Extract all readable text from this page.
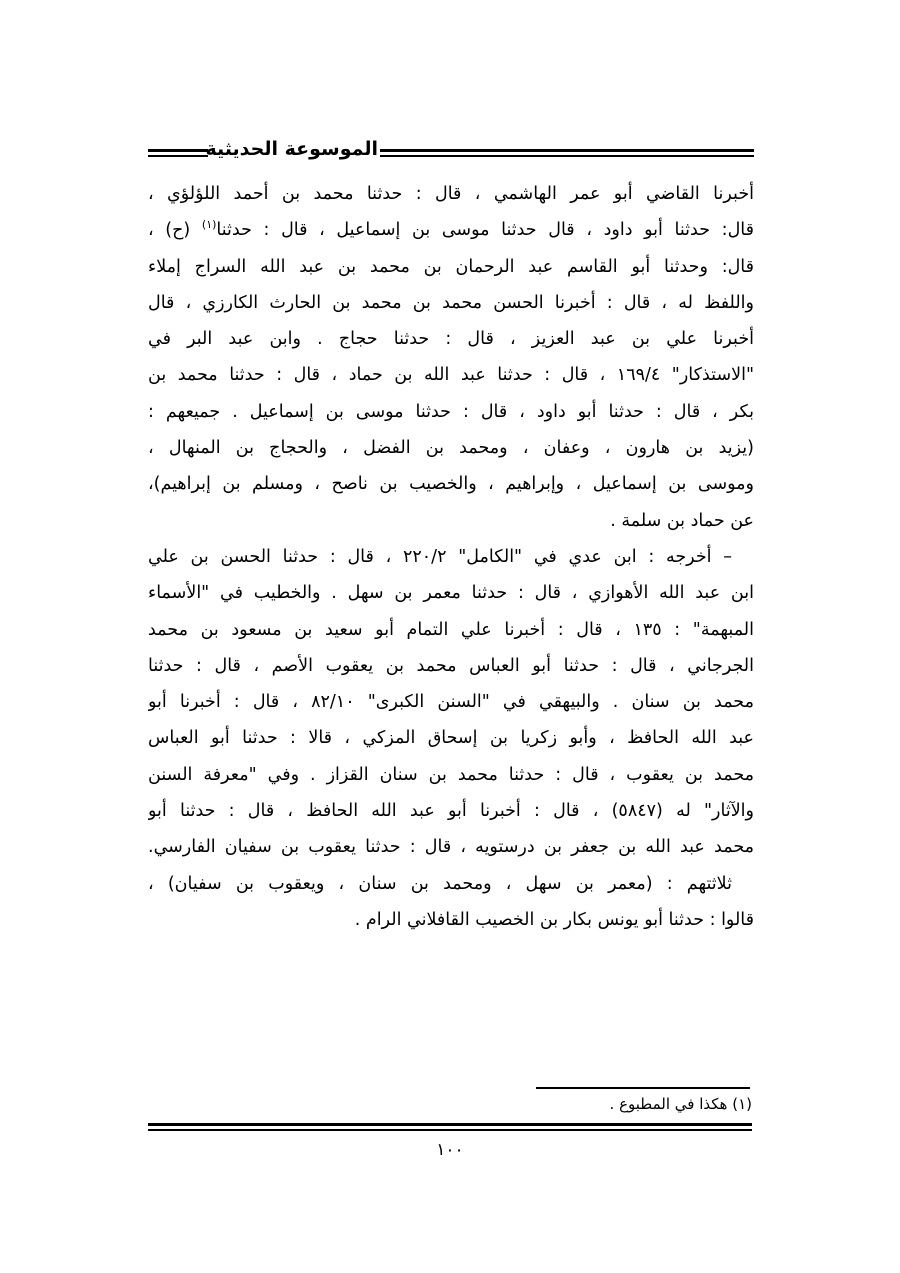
الموسوعة الحديثية
أخبرنا القاضي أبو عمر الهاشمي ، قال : حدثنا محمد بن أحمد اللؤلؤي ،
قال: حدثنا أبو داود ، قال حدثنا موسى بن إسماعيل ، قال : حدثنا$^{(١)}$ (ح) ،
قال: وحدثنا أبو القاسم عبد الرحمان بن محمد بن عبد الله السراج إملاء
واللفظ له ، قال : أخبرنا الحسن محمد بن محمد بن الحارث الكارزي ، قال
أخبرنا علي بن عبد العزيز ، قال : حدثنا حجاج . وابن عبد البر في
"الاستذكار" ١٦٩/٤ ، قال : حدثنا عبد الله بن حماد ، قال : حدثنا محمد بن
بكر ، قال : حدثنا أبو داود ، قال : حدثنا موسى بن إسماعيل . جميعهم :
(يزيد بن هارون ، وعفان ، ومحمد بن الفضل ، والحجاج بن المنهال ،
وموسى بن إسماعيل ، وإبراهيم ، والخصيب بن ناصح ، ومسلم بن إبراهيم)،
عن حماد بن سلمة .
– أخرجه : ابن عدي في "الكامل" ٢٢٠/٢ ، قال : حدثنا الحسن بن علي
ابن عبد الله الأهوازي ، قال : حدثنا معمر بن سهل . والخطيب في "الأسماء
المبهمة" : ١٣٥ ، قال : أخبرنا علي التمام أبو سعيد بن مسعود بن محمد
الجرجاني ، قال : حدثنا أبو العباس محمد بن يعقوب الأصم ، قال : حدثنا
محمد بن سنان . والبيهقي في "السنن الكبرى" ٨٢/١٠ ، قال : أخبرنا أبو
عبد الله الحافظ ، وأبو زكريا بن إسحاق المزكي ، قالا : حدثنا أبو العباس
محمد بن يعقوب ، قال : حدثنا محمد بن سنان القزاز . وفي "معرفة السنن
والآثار" له (٥٨٤٧) ، قال : أخبرنا أبو عبد الله الحافظ ، قال : حدثنا أبو
محمد عبد الله بن جعفر بن درستويه ، قال : حدثنا يعقوب بن سفيان الفارسي.
ثلاثتهم : (معمر بن سهل ، ومحمد بن سنان ، ويعقوب بن سفيان) ،
قالوا : حدثنا أبو يونس بكار بن الخصيب القافلاني الرام .
(١) هكذا في المطبوع .
١٠٠
